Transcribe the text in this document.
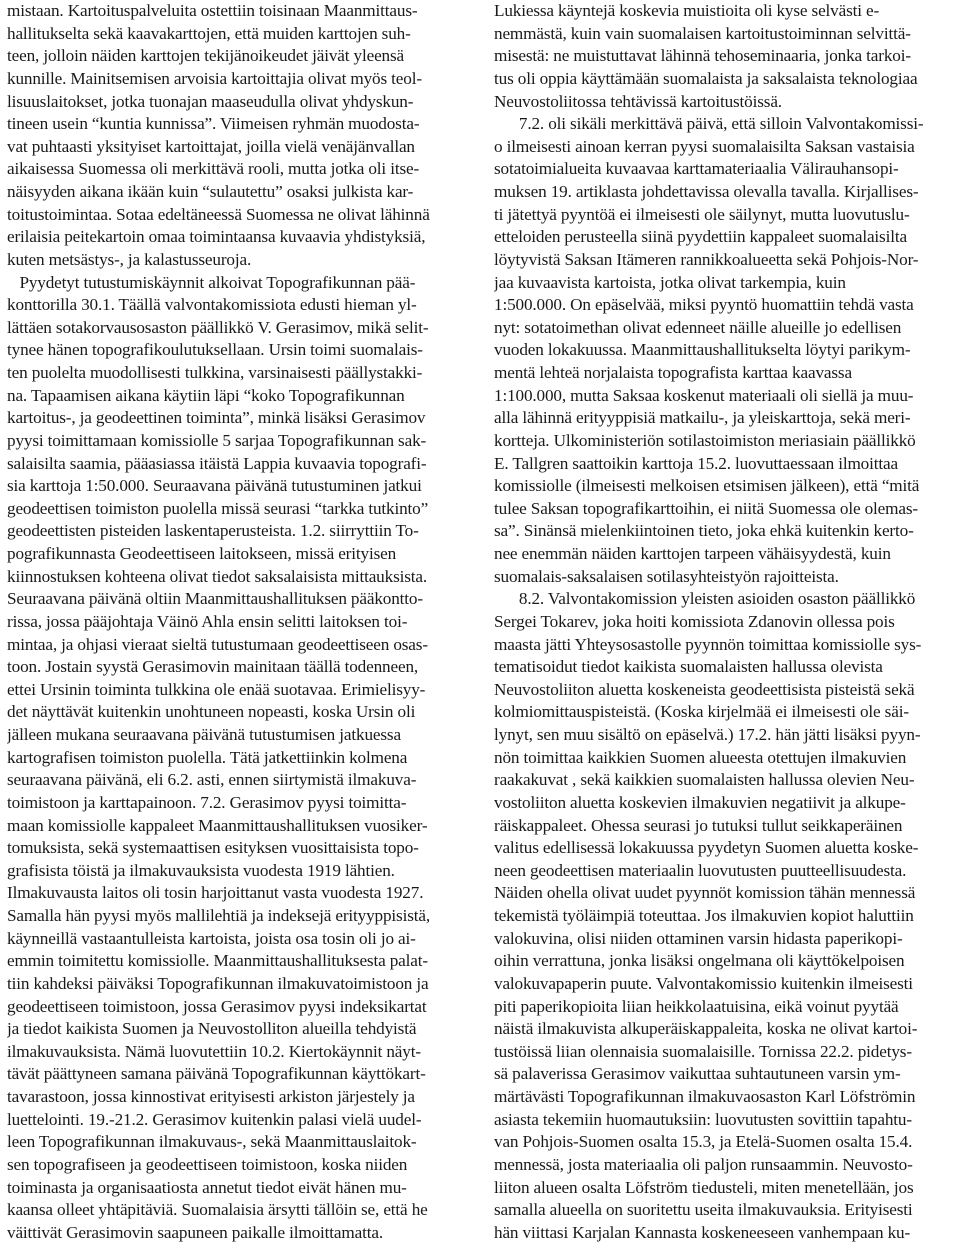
mistaan. Kartoituspalveluita ostettiin toisinaan Maanmittaus-
hallitukselta sekä kaavakarttojen, että muiden karttojen suh-
teen, jolloin näiden karttojen tekijänoikeudet jäivät yleensä
kunnille. Mainitsemisen arvoisia kartoittajia olivat myös teol-
lisuuslaitokset, jotka tuonajan maaseudulla olivat yhdyskun-
tineen usein “kuntia kunnissa”. Viimeisen ryhmän muodosta-
vat puhtaasti yksityiset kartoittajat, joilla vielä venäjänvallan
aikaisessa Suomessa oli merkittävä rooli, mutta jotka oli itse-
näisyyden aikana ikään kuin “sulautettu” osaksi julkista kar-
toitustoimintaa. Sotaa edeltäneessä Suomessa ne olivat lähinnä
erilaisia peitekartoin omaa toimintaansa kuvaavia yhdistyksiä,
kuten metsästys-, ja kalastusseuroja.
Pyydetyt tutustumiskäynnit alkoivat Topografikunnan pää-
konttorilla 30.1. Täällä valvontakomissiota edusti hieman yl-
lättäen sotakorvausosaston päällikkö V. Gerasimov, mikä selit-
tynee hänen topografikoulutuksellaan. Ursin toimi suomalais-
ten puolelta muodollisesti tulkkina, varsinaisesti päällystakki-
na. Tapaamisen aikana käytiin läpi “koko Topografikunnan
kartoitus-, ja geodeettinen toiminta”, minkä lisäksi Gerasimov
pyysi toimittamaan komissiolle 5 sarjaa Topografikunnan sak-
salaisilta saamia, pääasiassa itäistä Lappia kuvaavia topografi-
sia karttoja 1:50.000. Seuraavana päivänä tutustuminen jatkui
geodeettisen toimiston puolella missä seurasi “tarkka tutkinto”
geodeettisten pisteiden laskentaperusteista. 1.2. siirryttiin To-
pografikunnasta Geodeettiseen laitokseen, missä erityisen
kiinnostuksen kohteena olivat tiedot saksalaisista mittauksista.
Seuraavana päivänä oltiin Maanmittaushallituksen pääkontto-
rissa, jossa pääjohtaja Väinö Ahla ensin selitti laitoksen toi-
mintaa, ja ohjasi vieraat sieltä tutustumaan geodeettiseen osas-
toon. Jostain syystä Gerasimovin mainitaan täällä todenneen,
ettei Ursinin toiminta tulkkina ole enää suotavaa. Erimielisyy-
det näyttävät kuitenkin unohtuneen nopeasti, koska Ursin oli
jälleen mukana seuraavana päivänä tutustumisen jatkuessa
kartografisen toimiston puolella. Tätä jatkettiinkin kolmena
seuraavana päivänä, eli 6.2. asti, ennen siirtymistä ilmakuva-
toimistoon ja karttapainoon. 7.2. Gerasimov pyysi toimitta-
maan komissiolle kappaleet Maanmittaushallituksen vuosiker-
tomuksista, sekä systemaattisen esityksen vuosittaisista topo-
grafisista töistä ja ilmakuvauksista vuodesta 1919 lähtien.
Ilmakuvausta laitos oli tosin harjoittanut vasta vuodesta 1927.
Samalla hän pyysi myös mallilehtiä ja indeksejä erityyppisistä,
käynneillä vastaantulleista kartoista, joista osa tosin oli jo ai-
emmin toimitettu komissiolle. Maanmittaushallituksesta palat-
tiin kahdeksi päiväksi Topografikunnan ilmakuvatoimistoon ja
geodeettiseen toimistoon, jossa Gerasimov pyysi indeksikartat
ja tiedot kaikista Suomen ja Neuvostolliton alueilla tehdyistä
ilmakuvauksista. Nämä luovutettiin 10.2. Kiertokäynnit näyt-
tävät päättyneen samana päivänä Topografikunnan käyttökart-
tavarastoon, jossa kinnostivat erityisesti arkiston järjestely ja
luettelointi. 19.-21.2. Gerasimov kuitenkin palasi vielä uudel-
leen Topografikunnan ilmakuvaus-, sekä Maanmittauslaitok-
sen topografiseen ja geodeettiseen toimistoon, koska niiden
toiminasta ja organisaatiosta annetut tiedot eivät hänen mu-
kaansa olleet yhtäpitäviä. Suomalaisia ärsytti tällöin se, että he
väittivät Gerasimovin saapuneen paikalle ilmoittamatta.
Lukiessa käyntejä koskevia muistioita oli kyse selvästi e-
nemmästä, kuin vain suomalaisen kartoitustoiminnan selvittä-
misestä: ne muistuttavat lähinnä tehoseminaaria, jonka tarkoi-
tus oli oppia käyttämään suomalaista ja saksalaista teknologiaa
Neuvostoliitossa tehtävissä kartoitustöissä.
7.2. oli sikäli merkittävä päivä, että silloin Valvontakomissi-
o ilmeisesti ainoan kerran pyysi suomalaisilta Saksan vastaisia
sotatoimialueita kuvaavaa karttamateriaalia Välirauhansopi-
muksen 19. artiklasta johdettavissa olevalla tavalla. Kirjallises-
ti jätettyä pyyntöä ei ilmeisesti ole säilynyt, mutta luovutuslu-
etteloiden perusteella siinä pyydettiin kappaleet suomalaisilta
löytyvistä Saksan Itämeren rannikkoalueetta sekä Pohjois-Nor-
jaa kuvaavista kartoista, jotka olivat tarkempia, kuin
1:500.000. On epäselvää, miksi pyyntö huomattiin tehdä vasta
nyt: sotatoimethan olivat edenneet näille alueille jo edellisen
vuoden lokakuussa. Maanmittaushallitukselta löytyi parikym-
mentä lehteä norjalaista topografista karttaa kaavassa
1:100.000, mutta Saksaa koskenut materiaali oli siellä ja muu-
alla lähinnä erityyppisiä matkailu-, ja yleiskarttoja, sekä meri-
kortteja. Ulkoministeriön sotilastoimiston meriasiain päällikkö
E. Tallgren saattoikin karttoja 15.2. luovuttaessaan ilmoittaa
komissiolle (ilmeisesti melkoisen etsimisen jälkeen), että “mitä
tulee Saksan topografikarttoihin, ei niitä Suomessa ole olemas-
sa”. Sinänsä mielenkiintoinen tieto, joka ehkä kuitenkin kerto-
nee enemmän näiden karttojen tarpeen vähäisyydestä, kuin
suomalais-saksalaisen sotilasyhteistyön rajoitteista.
8.2. Valvontakomission yleisten asioiden osaston päällikkö
Sergei Tokarev, joka hoiti komissiota Zdanovin ollessa pois
maasta jätti Yhteysosastolle pyynnön toimittaa komissiolle sys-
tematisoidut tiedot kaikista suomalaisten hallussa olevista
Neuvostoliiton aluetta koskeneista geodeettisista pisteistä sekä
kolmiomittauspisteistä. (Koska kirjelmää ei ilmeisesti ole säi-
lynyt, sen muu sisältö on epäselvä.) 17.2. hän jätti lisäksi pyyn-
nön toimittaa kaikkien Suomen alueesta otettujen ilmakuvien
raakakuvat , sekä kaikkien suomalaisten hallussa olevien Neu-
vostoliiton aluetta koskevien ilmakuvien negatiivit ja alkupe-
räiskappaleet. Ohessa seurasi jo tutuksi tullut seikkaperäinen
valitus edellisessä lokakuussa pyydetyn Suomen aluetta koske-
neen geodeettisen materiaalin luovutusten puutteellisuudesta.
Näiden ohella olivat uudet pyynnöt komission tähän mennessä
tekemistä työläimpiä toteuttaa. Jos ilmakuvien kopiot haluttiin
valokuvina, olisi niiden ottaminen varsin hidasta paperikopi-
oihin verrattuna, jonka lisäksi ongelmana oli käyttökelpoisen
valokuvapaperin puute. Valvontakomissio kuitenkin ilmeisesti
piti paperikopioita liian heikkolaatuisina, eikä voinut pyytää
näistä ilmakuvista alkuperäiskappaleita, koska ne olivat kartoi-
tustöissä liian olennaisia suomalaisille. Tornissa 22.2. pidetys-
sä palaverissa Gerasimov vaikuttaa suhtautuneen varsin ym-
märtävästi Topografikunnan ilmakuvaosaston Karl Löfströmin
asiasta tekemiin huomautuksiin: luovutusten sovittiin tapahtu-
van Pohjois-Suomen osalta 15.3, ja Etelä-Suomen osalta 15.4.
mennessä, josta materiaalia oli paljon runsaammin. Neuvosto-
liiton alueen osalta Löfström tiedusteli, miten menetellään, jos
samalla alueella on suoritettu useita ilmakuvauksia. Erityisesti
hän viittasi Karjalan Kannasta koskeneeseen vanhempaan ku-
